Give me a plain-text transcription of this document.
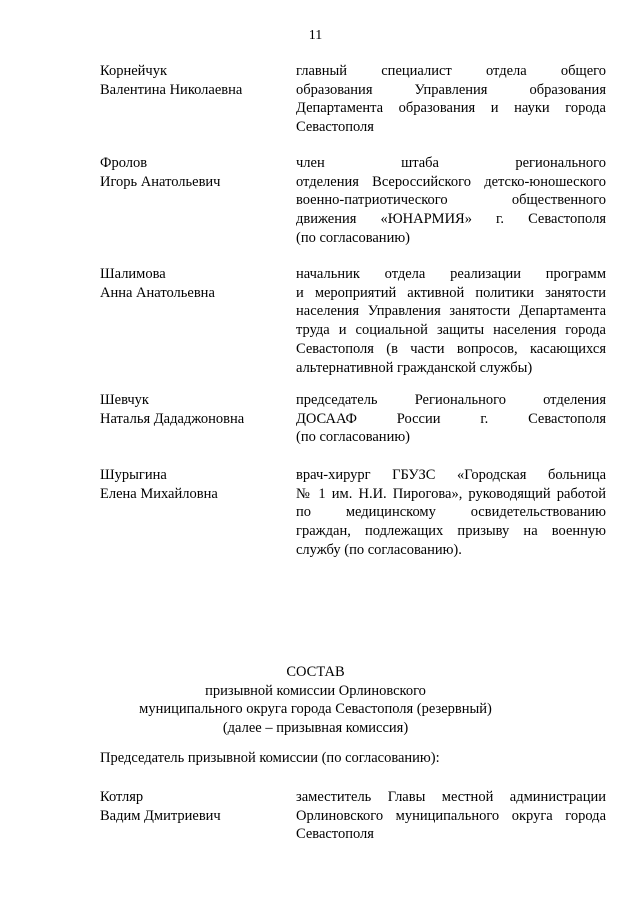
11
Корнейчук
Валентина Николаевна
главный специалист отдела общего
образования Управления образования
Департамента образования и науки города
Севастополя
Фролов
Игорь Анатольевич
член штаба регионального
отделения Всероссийского детско-юношеского
военно-патриотического общественного
движения «ЮНАРМИЯ» г. Севастополя
(по согласованию)
Шалимова
Анна Анатольевна
начальник отдела реализации программ
и мероприятий активной политики занятости
населения Управления занятости Департамента
труда и социальной защиты населения города
Севастополя (в части вопросов, касающихся
альтернативной гражданской службы)
Шевчук
Наталья Дададжоновна
председатель Регионального отделения
ДОСААФ России г. Севастополя
(по согласованию)
Шурыгина
Елена Михайловна
врач-хирург ГБУЗС «Городская больница
№ 1 им. Н.И. Пирогова», руководящий работой
по медицинскому освидетельствованию
граждан, подлежащих призыву на военную
службу (по согласованию).
СОСТАВ
призывной комиссии Орлиновского
муниципального округа города Севастополя (резервный)
(далее – призывная комиссия)
Председатель призывной комиссии (по согласованию):
Котляр
Вадим Дмитриевич
заместитель Главы местной администрации
Орлиновского муниципального округа города
Севастополя
